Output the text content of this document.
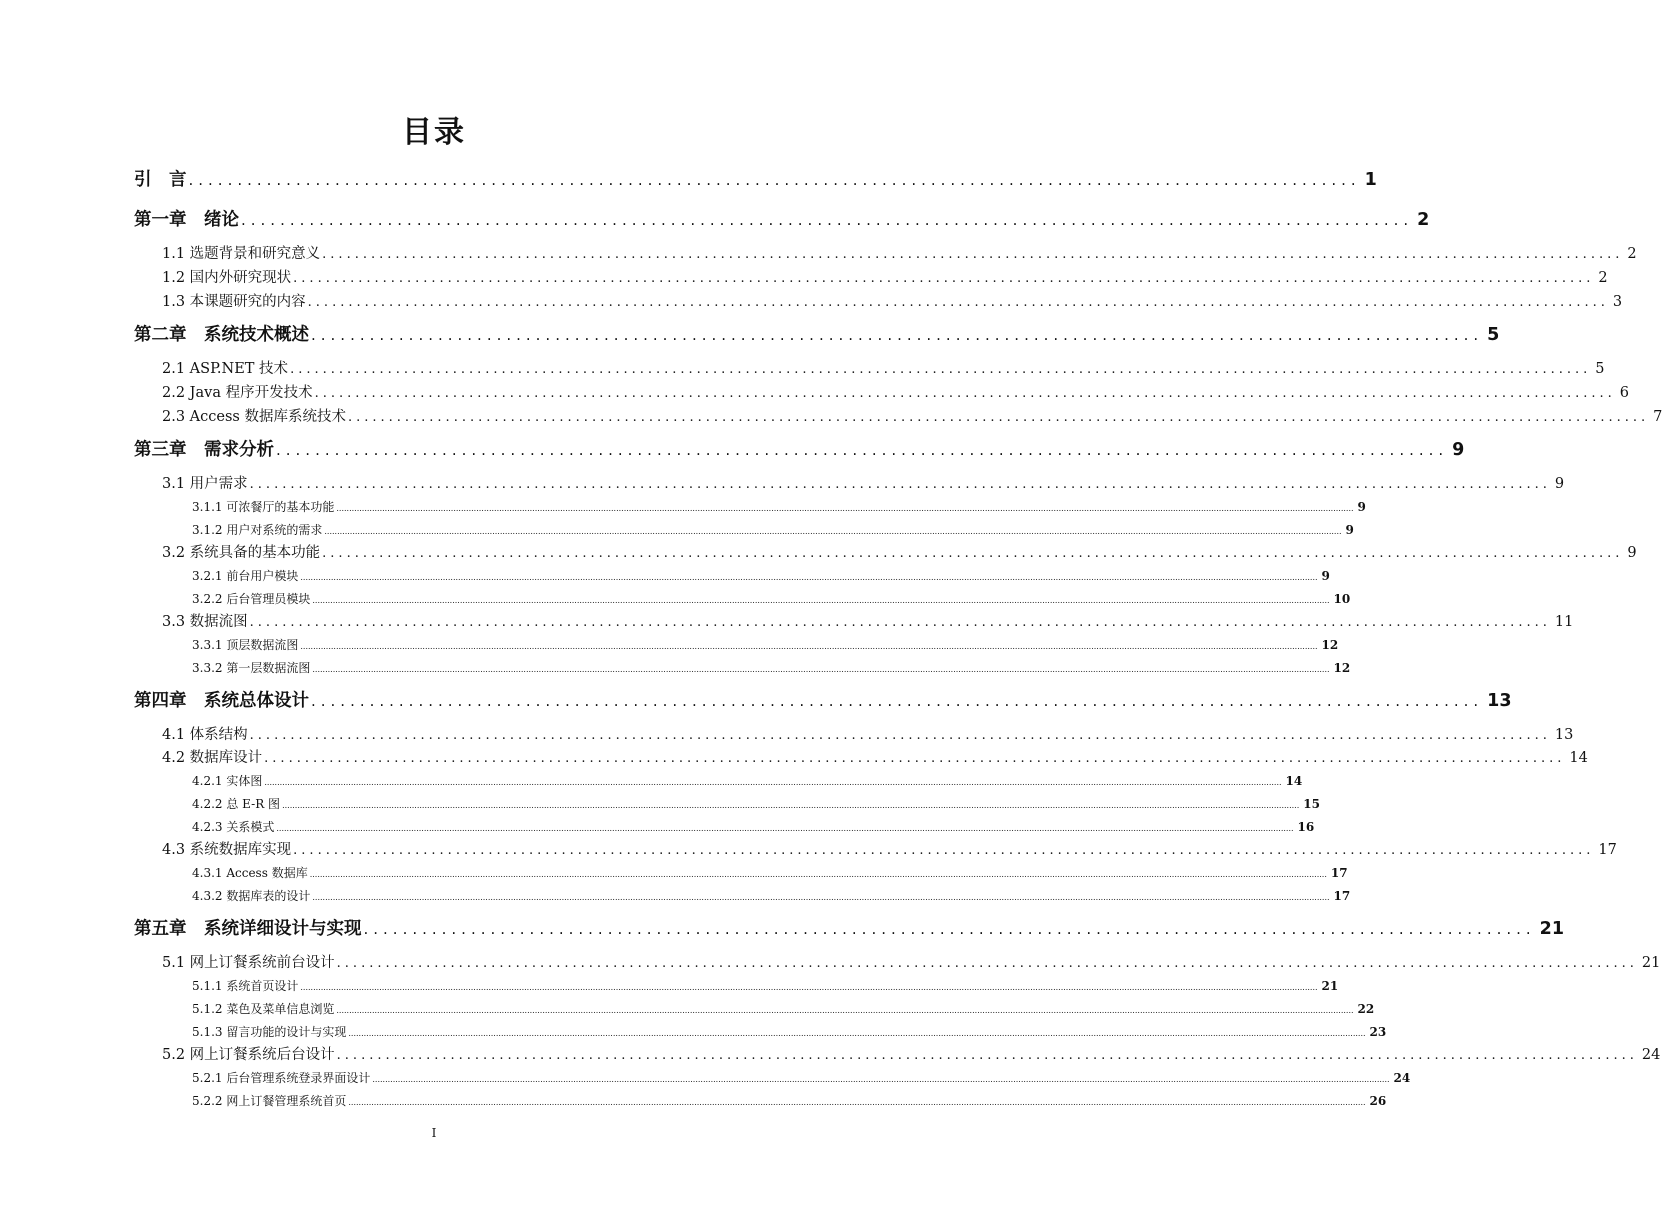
目录
引　言 ........................................................................................................................ 1
第一章　绪论 ........................................................................................................................ 2
1.1 选题背景和研究意义 ................................................................................................................................................................ 2
1.2 国内外研究现状 ................................................................................................................................................................ 2
1.3 本课题研究的内容 ................................................................................................................................................................ 3
第二章　系统技术概述 ........................................................................................................................ 5
2.1 ASP.NET 技术 ................................................................................................................................................................ 5
2.2 Java 程序开发技术 ................................................................................................................................................................ 6
2.3 Access 数据库系统技术 ................................................................................................................................................................ 7
第三章　需求分析 ........................................................................................................................ 9
3.1 用户需求 ................................................................................................................................................................ 9
3.1.1 可浓餐厅的基本功能 ................................................................................................................................................................................................................................................................................................................................................................................................................ 9
3.1.2 用户对系统的需求 ................................................................................................................................................................................................................................................................................................................................................................................................................ 9
3.2 系统具备的基本功能 ................................................................................................................................................................ 9
3.2.1 前台用户模块 ................................................................................................................................................................................................................................................................................................................................................................................................................ 9
3.2.2 后台管理员模块 ................................................................................................................................................................................................................................................................................................................................................................................................................ 10
3.3 数据流图 ................................................................................................................................................................ 11
3.3.1 顶层数据流图 ................................................................................................................................................................................................................................................................................................................................................................................................................ 12
3.3.2 第一层数据流图 ................................................................................................................................................................................................................................................................................................................................................................................................................ 12
第四章　系统总体设计 ........................................................................................................................ 13
4.1 体系结构 ................................................................................................................................................................ 13
4.2 数据库设计 ................................................................................................................................................................ 14
4.2.1 实体图 ................................................................................................................................................................................................................................................................................................................................................................................................................ 14
4.2.2 总 E-R 图 ................................................................................................................................................................................................................................................................................................................................................................................................................ 15
4.2.3 关系模式 ................................................................................................................................................................................................................................................................................................................................................................................................................ 16
4.3 系统数据库实现 ................................................................................................................................................................ 17
4.3.1 Access 数据库 ................................................................................................................................................................................................................................................................................................................................................................................................................ 17
4.3.2 数据库表的设计 ................................................................................................................................................................................................................................................................................................................................................................................................................ 17
第五章　系统详细设计与实现 ........................................................................................................................ 21
5.1 网上订餐系统前台设计 ................................................................................................................................................................ 21
5.1.1 系统首页设计 ................................................................................................................................................................................................................................................................................................................................................................................................................ 21
5.1.2 菜色及菜单信息浏览 ................................................................................................................................................................................................................................................................................................................................................................................................................ 22
5.1.3 留言功能的设计与实现 ................................................................................................................................................................................................................................................................................................................................................................................................................ 23
5.2 网上订餐系统后台设计 ................................................................................................................................................................ 24
5.2.1 后台管理系统登录界面设计 ................................................................................................................................................................................................................................................................................................................................................................................................................ 24
5.2.2 网上订餐管理系统首页 ................................................................................................................................................................................................................................................................................................................................................................................................................ 26
I
